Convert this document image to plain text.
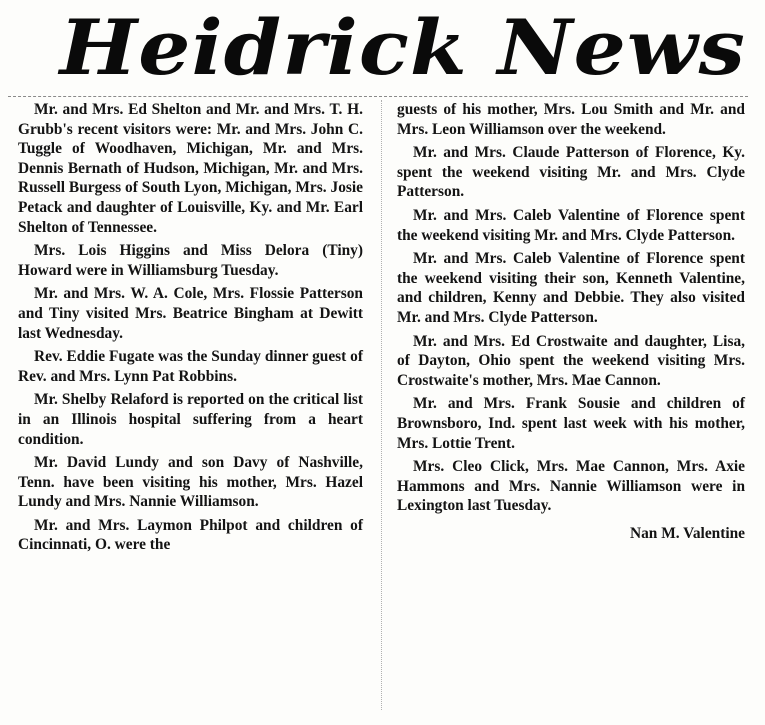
Heidrick News

Mr. and Mrs. Ed Shelton and Mr. and Mrs. T. H. Grubb's recent visitors were: Mr. and Mrs. John C. Tuggle of Woodhaven, Michigan, Mr. and Mrs. Dennis Bernath of Hudson, Michigan, Mr. and Mrs. Russell Burgess of South Lyon, Michigan, Mrs. Josie Petack and daughter of Louisville, Ky. and Mr. Earl Shelton of Tennessee.

Mrs. Lois Higgins and Miss Delora (Tiny) Howard were in Williamsburg Tuesday.

Mr. and Mrs. W. A. Cole, Mrs. Flossie Patterson and Tiny visited Mrs. Beatrice Bingham at Dewitt last Wednesday.

Rev. Eddie Fugate was the Sunday dinner guest of Rev. and Mrs. Lynn Pat Robbins.

Mr. Shelby Relaford is reported on the critical list in an Illinois hospital suffering from a heart condition.

Mr. David Lundy and son Davy of Nashville, Tenn. have been visiting his mother, Mrs. Hazel Lundy and Mrs. Nannie Williamson.

Mr. and Mrs. Laymon Philpot and children of Cincinnati, O. were the

guests of his mother, Mrs. Lou Smith and Mr. and Mrs. Leon Williamson over the weekend.

Mr. and Mrs. Claude Patterson of Florence, Ky. spent the weekend visiting Mr. and Mrs. Clyde Patterson.

Mr. and Mrs. Caleb Valentine of Florence spent the weekend visiting Mr. and Mrs. Clyde Patterson.

Mr. and Mrs. Caleb Valentine of Florence spent the weekend visiting their son, Kenneth Valentine, and children, Kenny and Debbie. They also visited Mr. and Mrs. Clyde Patterson.

Mr. and Mrs. Ed Crostwaite and daughter, Lisa, of Dayton, Ohio spent the weekend visiting Mrs. Crostwaite's mother, Mrs. Mae Cannon.

Mr. and Mrs. Frank Sousie and children of Brownsboro, Ind. spent last week with his mother, Mrs. Lottie Trent.

Mrs. Cleo Click, Mrs. Mae Cannon, Mrs. Axie Hammons and Mrs. Nannie Williamson were in Lexington last Tuesday.

Nan M. Valentine
